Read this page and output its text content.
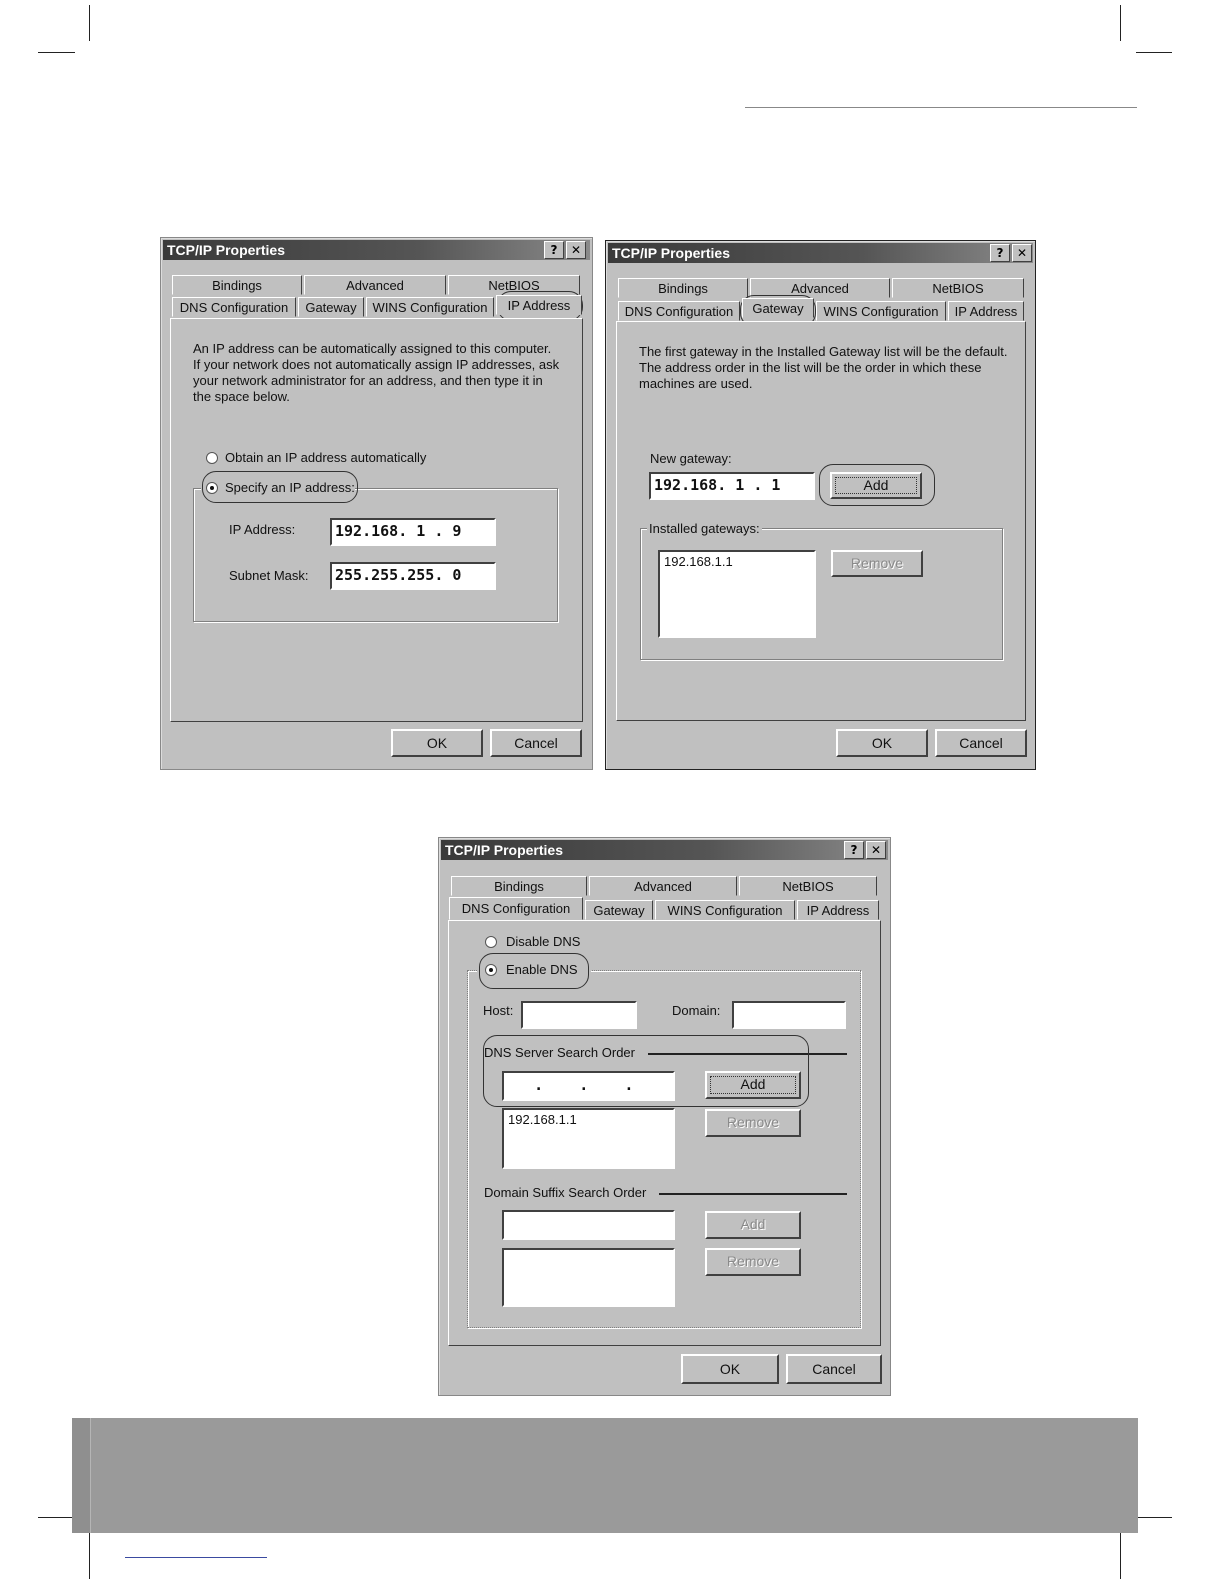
TCP/IP Properties	?	✕
Bindings	Advanced	NetBIOS
DNS Configuration	Gateway	WINS Configuration	IP Address
An IP address can be automatically assigned to this computer.
If your network does not automatically assign IP addresses, ask
your network administrator for an address, and then type it in
the space below.
Obtain an IP address automatically
Specify an IP address:
IP Address:	192.168. 1 . 9
Subnet Mask:	255.255.255. 0
OK	Cancel
TCP/IP Properties	?	✕
Bindings	Advanced	NetBIOS
DNS Configuration	Gateway	WINS Configuration	IP Address
The first gateway in the Installed Gateway list will be the default.
The address order in the list will be the order in which these
machines are used.
New gateway:
192.168. 1 . 1	Add
Installed gateways:
192.168.1.1	Remove
OK	Cancel
TCP/IP Properties	?	✕
Bindings	Advanced	NetBIOS
DNS Configuration	Gateway	WINS Configuration	IP Address
Disable DNS
Enable DNS
Host:	Domain:
DNS Server Search Order
.    .    .	Add
192.168.1.1	Remove
Domain Suffix Search Order
Add
Remove
OK	Cancel
